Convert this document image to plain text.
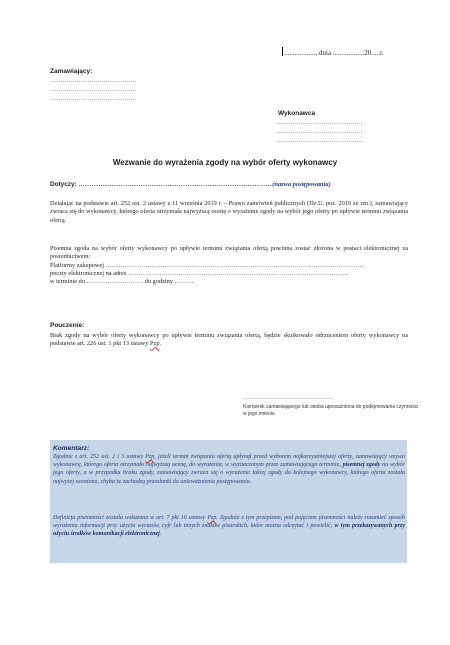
.................., dnia ..................20.....r.
Zamawiający:
……………………………………
……………………………………
……………………………………
Wykonawca
……………………………………
……………………………………
……………………………………
Wezwanie do wyrażenia zgody na wybór oferty wykonawcy
Dotyczy: ……………………………………………………………………………(nazwa postępowania)
Działając na podstawie art. 252 ust. 2 ustawy z 11 września 2019 r. – Prawo zamówień publicznych (Dz.U. poz. 2019 ze zm.), zamawiający zwraca się do wykonawcy, którego oferta otrzymała najwyższą ocenę o wyrażenie zgody na wybór jego oferty po upływie terminu związania ofertą.
Pisemna zgoda na wybór oferty wykonawcy po upływie terminu związania ofertą powinna zostać złożona w postaci elektronicznej za pośrednictwem:
Platformy zakupowej ……………………………………………………………………………………………………………
poczty elektronicznej na adres ……………………………………………………………………………………………
w terminie do ……………………… do godziny ………
Pouczenie:
Brak zgody na wybór oferty wykonawcy po upływie terminu związania ofertą, będzie skutkowało odrzuceniem oferty wykonawcy na podstawie art. 226 ust. 1 pkt 13 ustawy Pzp.
………………………………………
Kierownik zamawiającego lub osoba upoważniona do podejmowania czynności w jego imieniu
Komentarz:
Zgodnie z art. 252 ust. 2 i 3 ustawy Pzp, jeżeli termin związania ofertą upłynął przed wyborem najkorzystniejszej oferty, zamawiający wzywa wykonawcę, którego oferta otrzymało najwyższą ocenę, do wyrażenia, w wyznaczonym przez zamawiającego terminie, pisemnej zgody na wybór jego oferty, a w przypadku braku zgody, zamawiający zwraca się o wyrażenie takiej zgody do kolejnego wykonawcy, którego oferta została najwyżej oceniona, chyba że zachodzą przesłanki do unieważnienia postępowania.
Definicja pisemności została wskazana w art. 7 pkt 16 ustawy Pzp. Zgodnie z tym przepisem, pod pojęciem pisemności należy rozumieć sposób wyrażenia informacji przy użyciu wyrazów, cyfr lub innych znaków pisarskich, które można odczytać i powielić, w tym przekazywanych przy użyciu środków komunikacji elektronicznej.
